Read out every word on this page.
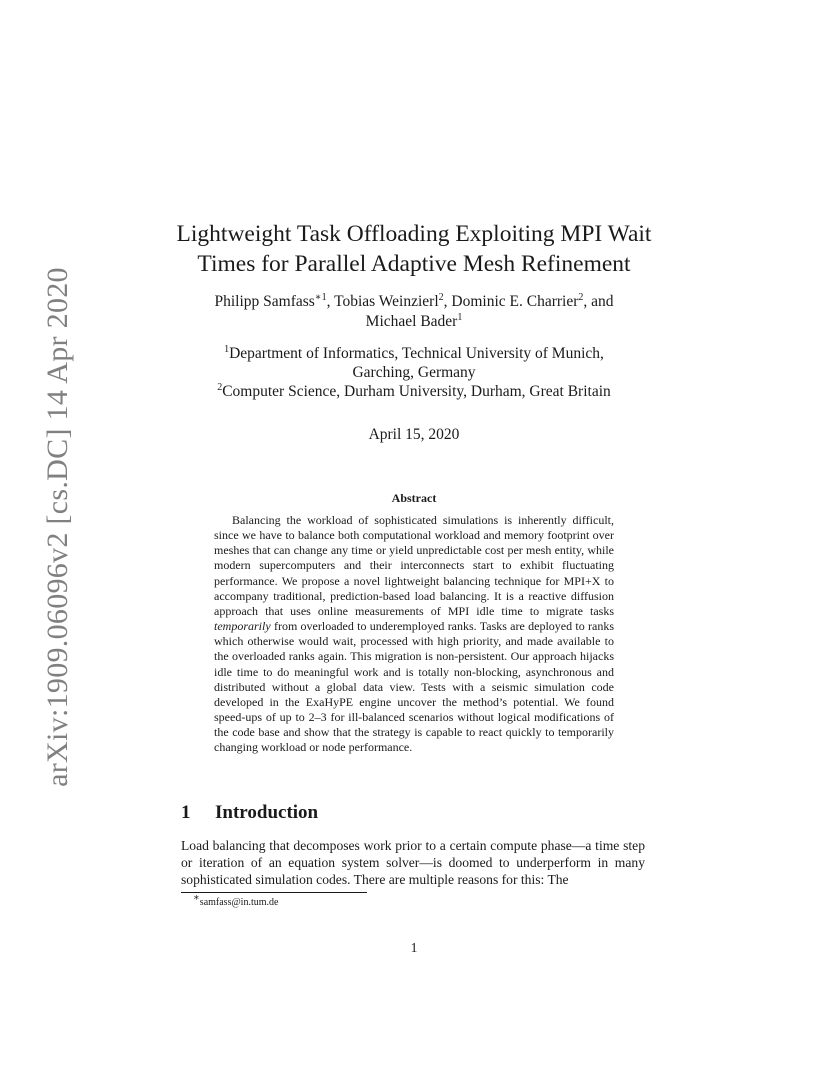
arXiv:1909.06096v2 [cs.DC] 14 Apr 2020
Lightweight Task Offloading Exploiting MPI Wait
Times for Parallel Adaptive Mesh Refinement
Philipp Samfass$^{∗1}$, Tobias Weinzierl$^2$, Dominic E. Charrier$^2$, and
Michael Bader$^1$
$^1$Department of Informatics, Technical University of Munich,
Garching, Germany
$^2$Computer Science, Durham University, Durham, Great Britain
April 15, 2020
Abstract

Balancing the workload of sophisticated simulations is inherently difficult, since we have to balance both computational workload and memory footprint over meshes that can change any time or yield unpredictable cost per mesh entity, while modern supercomputers and their interconnects start to exhibit fluctuating performance. We propose a novel lightweight balancing technique for MPI+X to accompany traditional, prediction-based load balancing. It is a reactive diffusion approach that uses online measurements of MPI idle time to migrate tasks temporarily from overloaded to underemployed ranks. Tasks are deployed to ranks which otherwise would wait, processed with high priority, and made available to the overloaded ranks again. This migration is non-persistent. Our approach hijacks idle time to do meaningful work and is totally non-blocking, asynchronous and distributed without a global data view. Tests with a seismic simulation code developed in the ExaHyPE engine uncover the method’s potential. We found speed-ups of up to 2–3 for ill-balanced scenarios without logical modifications of the code base and show that the strategy is capable to react quickly to temporarily changing workload or node performance.

1 Introduction

Load balancing that decomposes work prior to a certain compute phase—a time step or iteration of an equation system solver—is doomed to underperform in many sophisticated simulation codes. There are multiple reasons for this: The

∗samfass@in.tum.de
1
